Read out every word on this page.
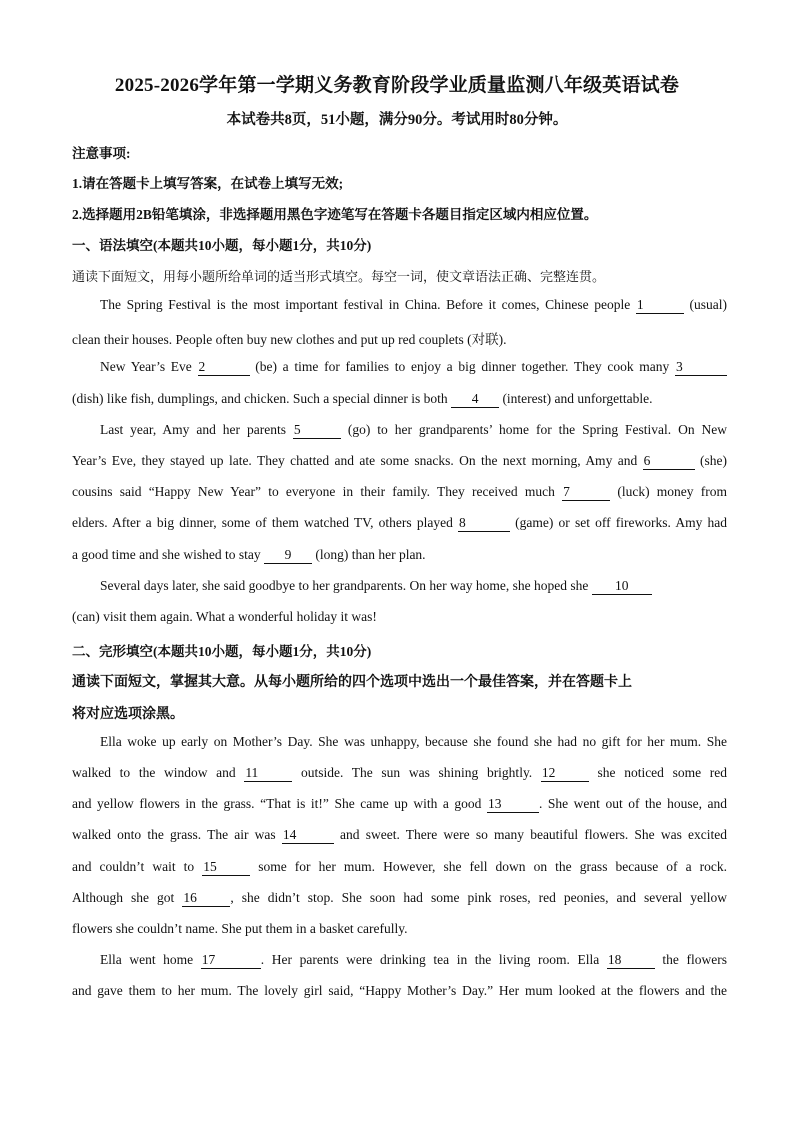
2025-2026学年第一学期义务教育阶段学业质量监测八年级英语试卷
本试卷共8页，51小题，满分90分。考试用时80分钟。
注意事项:
1.请在答题卡上填写答案，在试卷上填写无效;
2.选择题用2B铅笔填涂，非选择题用黑色字迹笔写在答题卡各题目指定区域内相应位置。
一、语法填空(本题共10小题，每小题1分，共10分)
通读下面短文，用每小题所给单词的适当形式填空。每空一词，使文章语法正确、完整连贯。
The Spring Festival is the most important festival in China. Before it comes, Chinese people 1	(usual)
clean their houses. People often buy new clothes and put up red couplets (对联).
New Year’s Eve 2	(be) a time for families to enjoy a big dinner together. They cook many 3
(dish) like fish, dumplings, and chicken. Such a special dinner is both 4 (interest) and unforgettable.
Last year, Amy and her parents 5	(go) to her grandparents’ home for the Spring Festival. On New
Year’s Eve, they stayed up late. They chatted and ate some snacks. On the next morning, Amy and 6	(she)
cousins said “Happy New Year” to everyone in their family. They received much 7	(luck) money from
elders. After a big dinner, some of them watched TV, others played 8	(game) or set off fireworks. Amy had
a good time and she wished to stay 9 (long) than her plan.
Several days later, she said goodbye to her grandparents. On her way home, she hoped she 10
(can) visit them again. What a wonderful holiday it was!
二、完形填空(本题共10小题，每小题1分，共10分)
通读下面短文，掌握其大意。从每小题所给的四个选项中选出一个最佳答案，并在答题卡上
将对应选项涂黑。
Ella woke up early on Mother’s Day. She was unhappy, because she found she had no gift for her mum. She
walked to the window and 11	outside. The sun was shining brightly. 12 she noticed some red
and yellow flowers in the grass. “That is it!” She came up with a good 13	. She went out of the house, and
walked onto the grass. The air was 14	and sweet. There were so many beautiful flowers. She was excited
and couldn’t wait to 15 some for her mum. However, she fell down on the grass because of a rock.
Although she got 16 , she didn’t stop. She soon had some pink roses, red peonies, and several yellow
flowers she couldn’t name. She put them in a basket carefully.
Ella went home 17	. Her parents were drinking tea in the living room. Ella 18 the flowers
and gave them to her mum. The lovely girl said, “Happy Mother’s Day.” Her mum looked at the flowers and the
